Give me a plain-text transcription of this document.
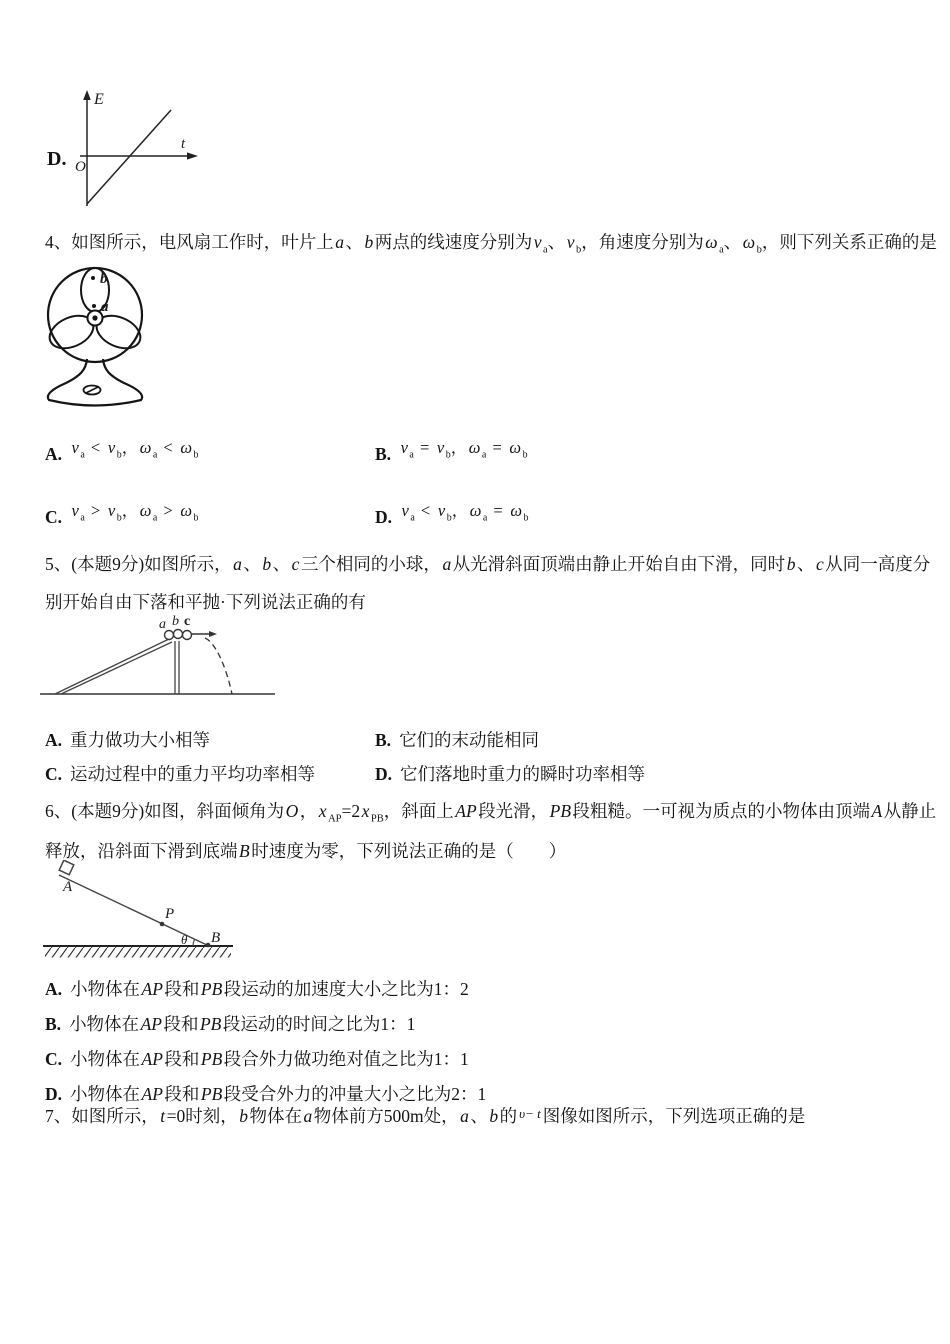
D.
E
t
O
4、如图所示，电风扇工作时，叶片上a、b两点的线速度分别为v $_a$、v $_b$，角速度分别为ω $_a$、ω $_b$，则下列关系正确的是
b
a
A. v $_a$ < v $_b$，ω $_a$ < ω $_b$	B. v $_a$ = v $_b$，ω $_a$ = ω $_b$
C. v $_a$ > v $_b$，ω $_a$ > ω $_b$	D. v $_a$ < v $_b$，ω $_a$ = ω $_b$
5、(本题9分)如图所示，a、b、c三个相同的小球，a从光滑斜面顶端由静止开始自由下滑，同时b、c从同一高度分别开始自由下落和平抛·下列说法正确的有
a b c
A. 重力做功大小相等	B. 它们的末动能相同
C. 运动过程中的重力平均功率相等	D. 它们落地时重力的瞬时功率相等
6、(本题9分)如图，斜面倾角为O，x $_{AP}$=2x $_{PB}$，斜面上AP段光滑，PB段粗糙。一可视为质点的小物体由顶端A从静止释放，沿斜面下滑到底端B时速度为零，下列说法正确的是（　　）
A
P
B
θ
A. 小物体在AP段和PB段运动的加速度大小之比为1：2
B. 小物体在AP段和PB段运动的时间之比为1：1
C. 小物体在AP段和PB段合外力做功绝对值之比为1：1
D. 小物体在AP段和PB段受合外力的冲量大小之比为2：1
7、如图所示，t=0时刻，b物体在a物体前方500m处，a、b的 $^{\upsilon- t}$ 图像如图所示，下列选项正确的是
